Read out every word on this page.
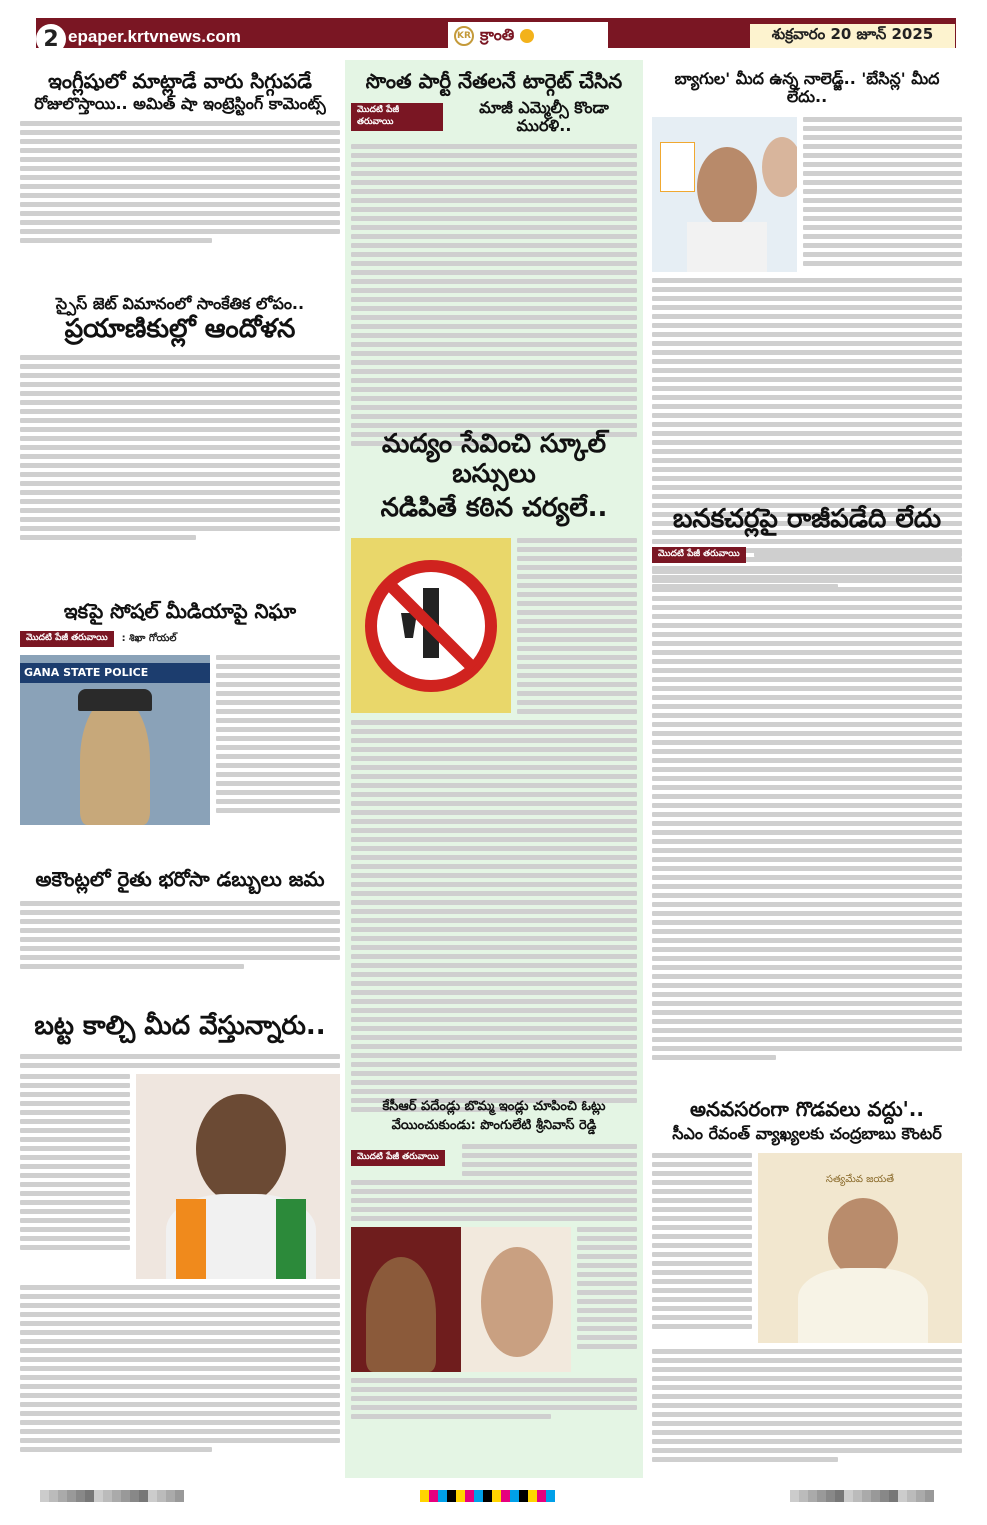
2 epaper.krtvnews.com	KR క్రాంతి	శుక్రవారం 20 జూన్ 2025
ఇంగ్లీషులో మాట్లాడే వారు సిగ్గుపడే
రోజులొస్తాయి.. అమిత్ షా ఇంట్రెస్టింగ్ కామెంట్స్
స్పైస్ జెట్ విమానంలో సాంకేతిక లోపం..
ప్రయాణికుల్లో ఆందోళన
ఇకపై సోషల్ మీడియాపై నిఘా
మొదటి పేజీ తరువాయి	: శిఖా గోయల్
GANA STATE POLICE
అకౌంట్లలో రైతు భరోసా డబ్బులు జమ
బట్ట కాల్చి మీద వేస్తున్నారు..
సొంత పార్టీ నేతలనే టార్గెట్ చేసిన
మొదటి పేజీ తరువాయి
మాజీ ఎమ్మెల్సీ కొండా మురళి..
మద్యం సేవించి స్కూల్ బస్సులు
నడిపితే కఠిన చర్యలే..
కేసీఆర్ పదేండ్లు బొమ్మ ఇండ్లు చూపించి ఓట్లు
వేయించుకుండు: పొంగులేటి శ్రీనివాస్ రెడ్డి
మొదటి పేజీ తరువాయి
బ్యాగుల' మీద ఉన్న నాలెడ్జ్.. 'బేసిన్ల' మీద లేదు..
బనకచర్లపై రాజీపడేది లేదు
మొదటి పేజీ తరువాయి
అనవసరంగా గొడవలు వద్దు'..
సీఎం రేవంత్ వ్యాఖ్యలకు చంద్రబాబు కౌంటర్
సత్యమేవ జయతే
